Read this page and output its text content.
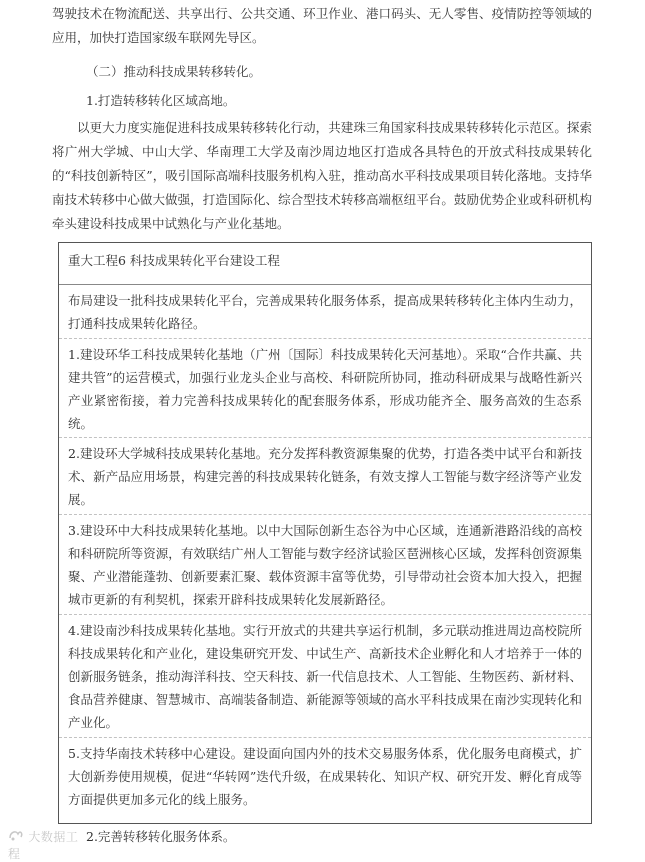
驾驶技术在物流配送、共享出行、公共交通、环卫作业、港口码头、无人零售、疫情防控等领域的应用，加快打造国家级车联网先导区。

（二）推动科技成果转移转化。

1.打造转移转化区域高地。

以更大力度实施促进科技成果转移转化行动，共建珠三角国家科技成果转移转化示范区。探索将广州大学城、中山大学、华南理工大学及南沙周边地区打造成各具特色的开放式科技成果转化的“科技创新特区”，吸引国际高端科技服务机构入驻，推动高水平科技成果项目转化落地。支持华南技术转移中心做大做强，打造国际化、综合型技术转移高端枢纽平台。鼓励优势企业或科研机构牵头建设科技成果中试熟化与产业化基地。

重大工程6 科技成果转化平台建设工程
布局建设一批科技成果转化平台，完善成果转化服务体系，提高成果转移转化主体内生动力，打通科技成果转化路径。
1.建设环华工科技成果转化基地（广州〔国际〕科技成果转化天河基地）。采取“合作共赢、共建共管”的运营模式，加强行业龙头企业与高校、科研院所协同，推动科研成果与战略性新兴产业紧密衔接，着力完善科技成果转化的配套服务体系，形成功能齐全、服务高效的生态系统。
2.建设环大学城科技成果转化基地。充分发挥科教资源集聚的优势，打造各类中试平台和新技术、新产品应用场景，构建完善的科技成果转化链条，有效支撑人工智能与数字经济等产业发展。
3.建设环中大科技成果转化基地。以中大国际创新生态谷为中心区域，连通新港路沿线的高校和科研院所等资源，有效联结广州人工智能与数字经济试验区琶洲核心区域，发挥科创资源集聚、产业潜能蓬勃、创新要素汇聚、载体资源丰富等优势，引导带动社会资本加大投入，把握城市更新的有利契机，探索开辟科技成果转化发展新路径。
4.建设南沙科技成果转化基地。实行开放式的共建共享运行机制，多元联动推进周边高校院所科技成果转化和产业化，建设集研究开发、中试生产、高新技术企业孵化和人才培养于一体的创新服务链条，推动海洋科技、空天科技、新一代信息技术、人工智能、生物医药、新材料、食品营养健康、智慧城市、高端装备制造、新能源等领域的高水平科技成果在南沙实现转化和产业化。
5.支持华南技术转移中心建设。建设面向国内外的技术交易服务体系，优化服务电商模式，扩大创新券使用规模，促进“华转网”迭代升级，在成果转化、知识产权、研究开发、孵化育成等方面提供更加多元化的线上服务。

2.完善转移转化服务体系。

大数据工程
